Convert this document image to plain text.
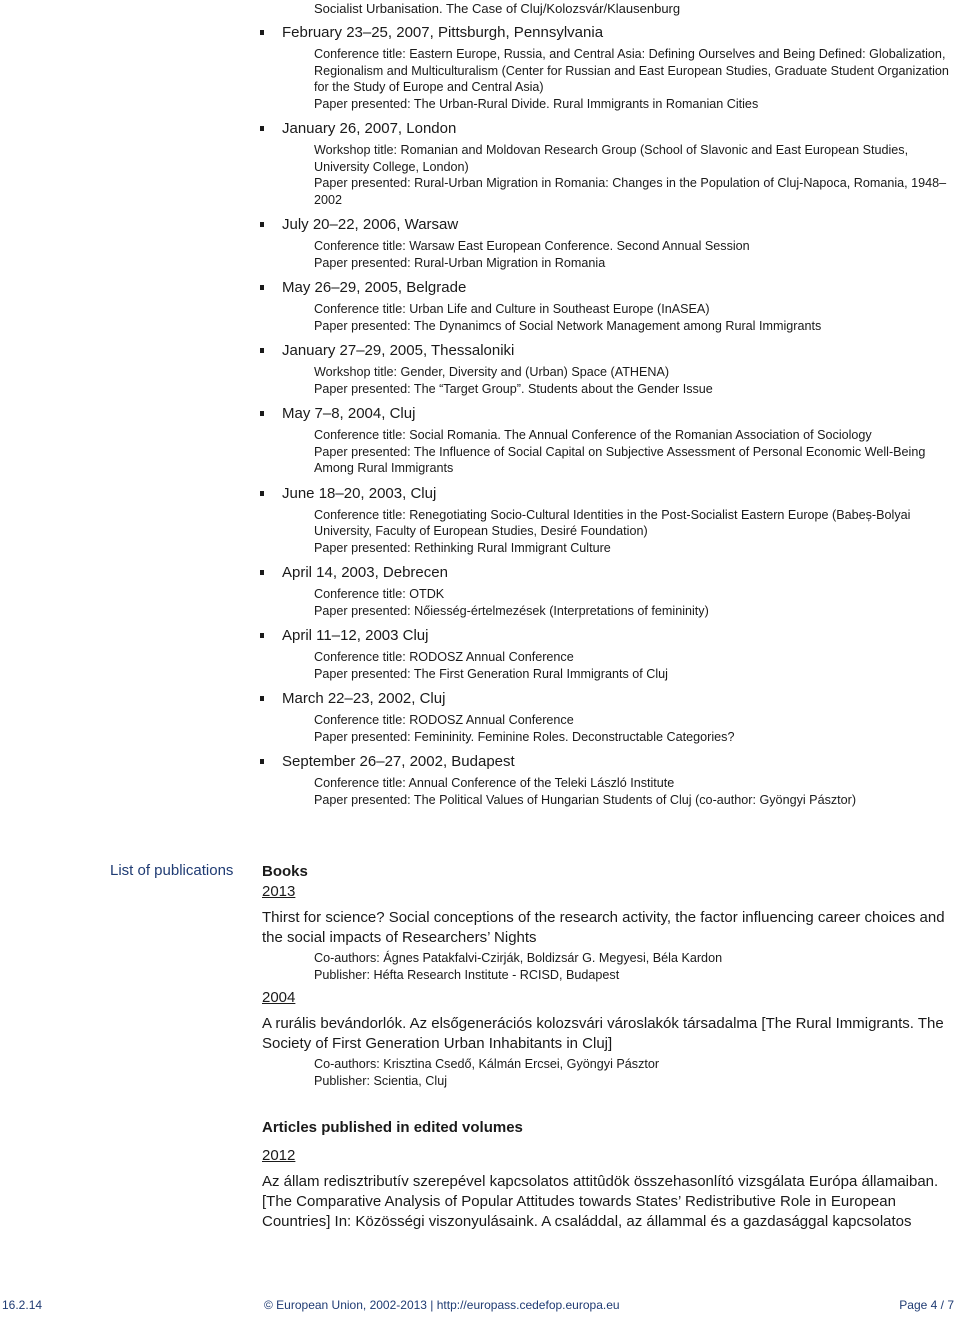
Socialist Urbanisation. The Case of Cluj/Kolozsvár/Klausenburg
February 23–25, 2007, Pittsburgh, Pennsylvania
Conference title: Eastern Europe, Russia, and Central Asia: Defining Ourselves and Being Defined: Globalization, Regionalism and Multiculturalism (Center for Russian and East European Studies, Graduate Student Organization for the Study of Europe and Central Asia)
Paper presented: The Urban-Rural Divide. Rural Immigrants in Romanian Cities
January 26, 2007, London
Workshop title: Romanian and Moldovan Research Group (School of Slavonic and East European Studies, University College, London)
Paper presented: Rural-Urban Migration in Romania: Changes in the Population of Cluj-Napoca, Romania, 1948–2002
July 20–22, 2006, Warsaw
Conference title: Warsaw East European Conference. Second Annual Session
Paper presented: Rural-Urban Migration in Romania
May 26–29, 2005, Belgrade
Conference title: Urban Life and Culture in Southeast Europe (InASEA)
Paper presented: The Dynanimcs of Social Network Management among Rural Immigrants
January 27–29, 2005, Thessaloniki
Workshop title: Gender, Diversity and (Urban) Space (ATHENA)
Paper presented: The “Target Group”. Students about the Gender Issue
May 7–8, 2004, Cluj
Conference title: Social Romania. The Annual Conference of the Romanian Association of Sociology
Paper presented: The Influence of Social Capital on Subjective Assessment of Personal Economic Well-Being Among Rural Immigrants
June 18–20, 2003, Cluj
Conference title: Renegotiating Socio-Cultural Identities in the Post-Socialist Eastern Europe (Babeș-Bolyai University, Faculty of European Studies, Desiré Foundation)
Paper presented: Rethinking Rural Immigrant Culture
April 14, 2003, Debrecen
Conference title: OTDK
Paper presented: Nőiesség-értelmezések (Interpretations of femininity)
April 11–12, 2003 Cluj
Conference title: RODOSZ Annual Conference
Paper presented: The First Generation Rural Immigrants of Cluj
March 22–23, 2002, Cluj
Conference title: RODOSZ Annual Conference
Paper presented: Femininity. Feminine Roles. Deconstructable Categories?
September 26–27, 2002, Budapest
Conference title: Annual Conference of the Teleki László Institute
Paper presented: The Political Values of Hungarian Students of Cluj (co-author: Gyöngyi Pásztor)
List of publications Books
2013
Thirst for science? Social conceptions of the research activity, the factor influencing career choices and the social impacts of Researchers’ Nights
Co-authors: Ágnes Patakfalvi-Czirják, Boldizsár G. Megyesi, Béla Kardon
Publisher: Héfta Research Institute - RCISD, Budapest
2004
A rurális bevándorlók. Az elsőgenerációs kolozsvári városlakók társadalma [The Rural Immigrants. The Society of First Generation Urban Inhabitants in Cluj]
Co-authors: Krisztina Csedő, Kálmán Ercsei, Gyöngyi Pásztor
Publisher: Scientia, Cluj
Articles published in edited volumes
2012
Az állam redisztributív szerepével kapcsolatos attitûdök összehasonlító vizsgálata Európa államaiban. [The Comparative Analysis of Popular Attitudes towards States’ Redistributive Role in European Countries] In: Közösségi viszonyulásaink. A családdal, az állammal és a gazdasággal kapcsolatos
16.2.14	© European Union, 2002-2013 | http://europass.cedefop.europa.eu	Page 4 / 7
